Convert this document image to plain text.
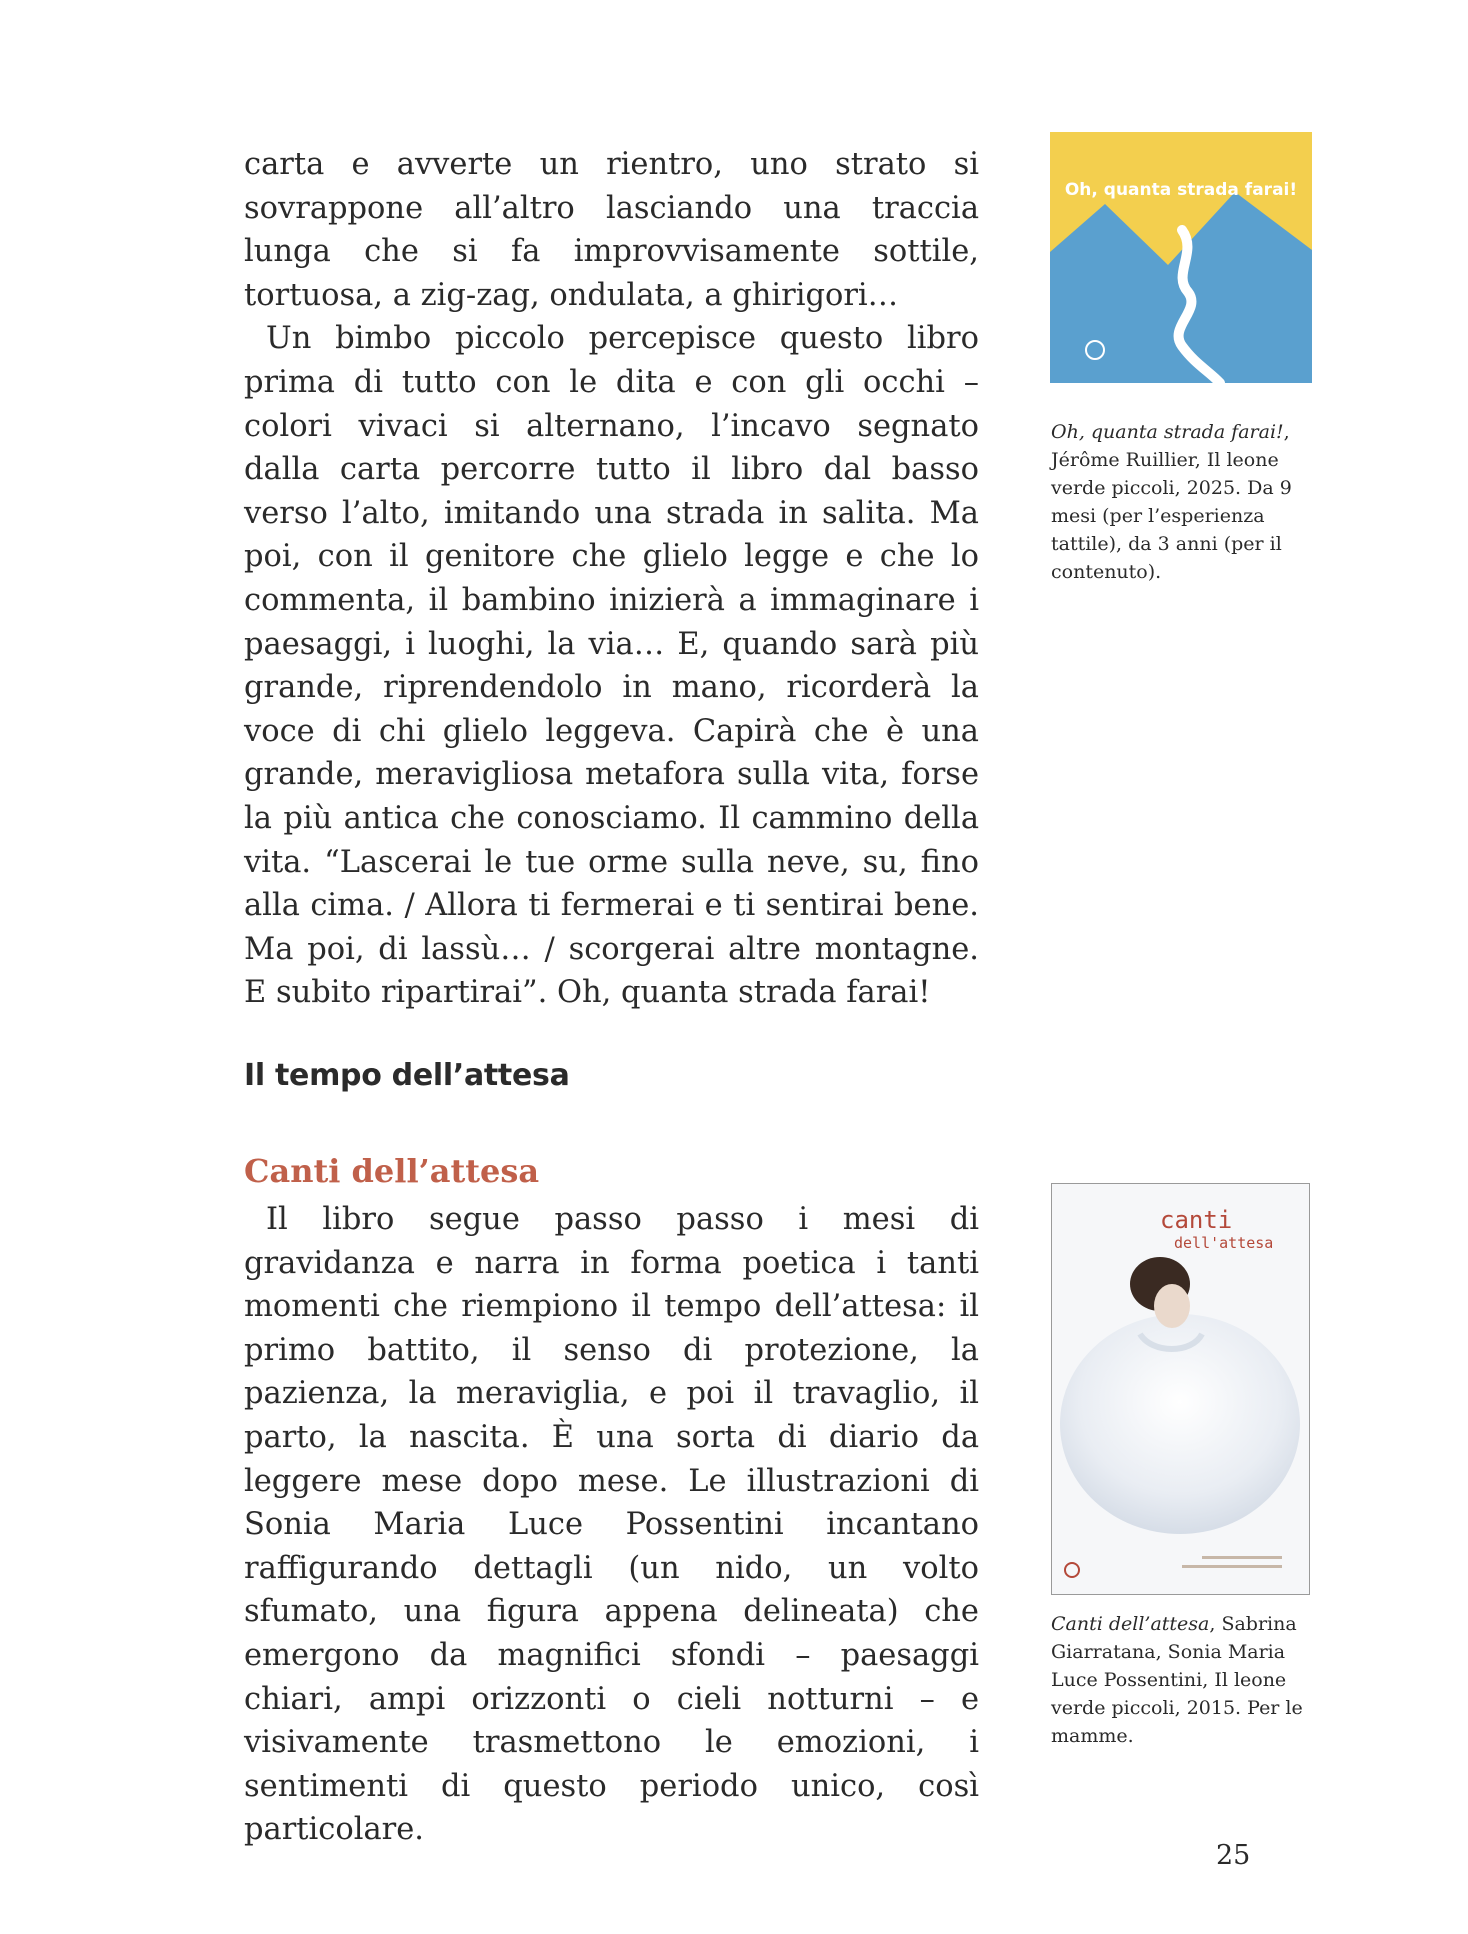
carta e avverte un rientro, uno strato si sovrappone all’altro lasciando una traccia lunga che si fa improvvisamente sottile, tortuosa, a zig-zag, ondulata, a ghirigori…

Un bimbo piccolo percepisce questo libro prima di tutto con le dita e con gli occhi – colori vivaci si alternano, l’incavo segnato dalla carta percorre tutto il libro dal basso verso l’alto, imitando una strada in salita. Ma poi, con il genitore che glielo legge e che lo commenta, il bambino inizierà a immaginare i paesaggi, i luoghi, la via… E, quando sarà più grande, riprendendolo in mano, ricorderà la voce di chi glielo leggeva. Capirà che è una grande, meravigliosa metafora sulla vita, forse la più antica che conosciamo. Il cammino della vita. “Lascerai le tue orme sulla neve, su, fino alla cima. / Allora ti fermerai e ti sentirai bene. Ma poi, di lassù… / scorgerai altre montagne. E subito ripartirai”. Oh, quanta strada farai!

Il tempo dell’attesa
Canti dell’attesa

Il libro segue passo passo i mesi di gravidanza e narra in forma poetica i tanti momenti che riempiono il tempo dell’attesa: il primo battito, il senso di protezione, la pazienza, la meraviglia, e poi il travaglio, il parto, la nascita. È una sorta di diario da leggere mese dopo mese. Le illustrazioni di Sonia Maria Luce Possentini incantano raffigurando dettagli (un nido, un volto sfumato, una figura appena delineata) che emergono da magnifici sfondi – paesaggi chiari, ampi orizzonti o cieli notturni – e visivamente trasmettono le emozioni, i sentimenti di questo periodo unico, così particolare.

Oh, quanta strada farai!
Oh, quanta strada farai!, Jérôme Ruillier, Il leone verde piccoli, 2025. Da 9 mesi (per l’esperienza tattile), da 3 anni (per il contenuto).
canti
dell'attesa
Canti dell’attesa, Sabrina Giarratana, Sonia Maria Luce Possentini, Il leone verde piccoli, 2015. Per le mamme.
25
